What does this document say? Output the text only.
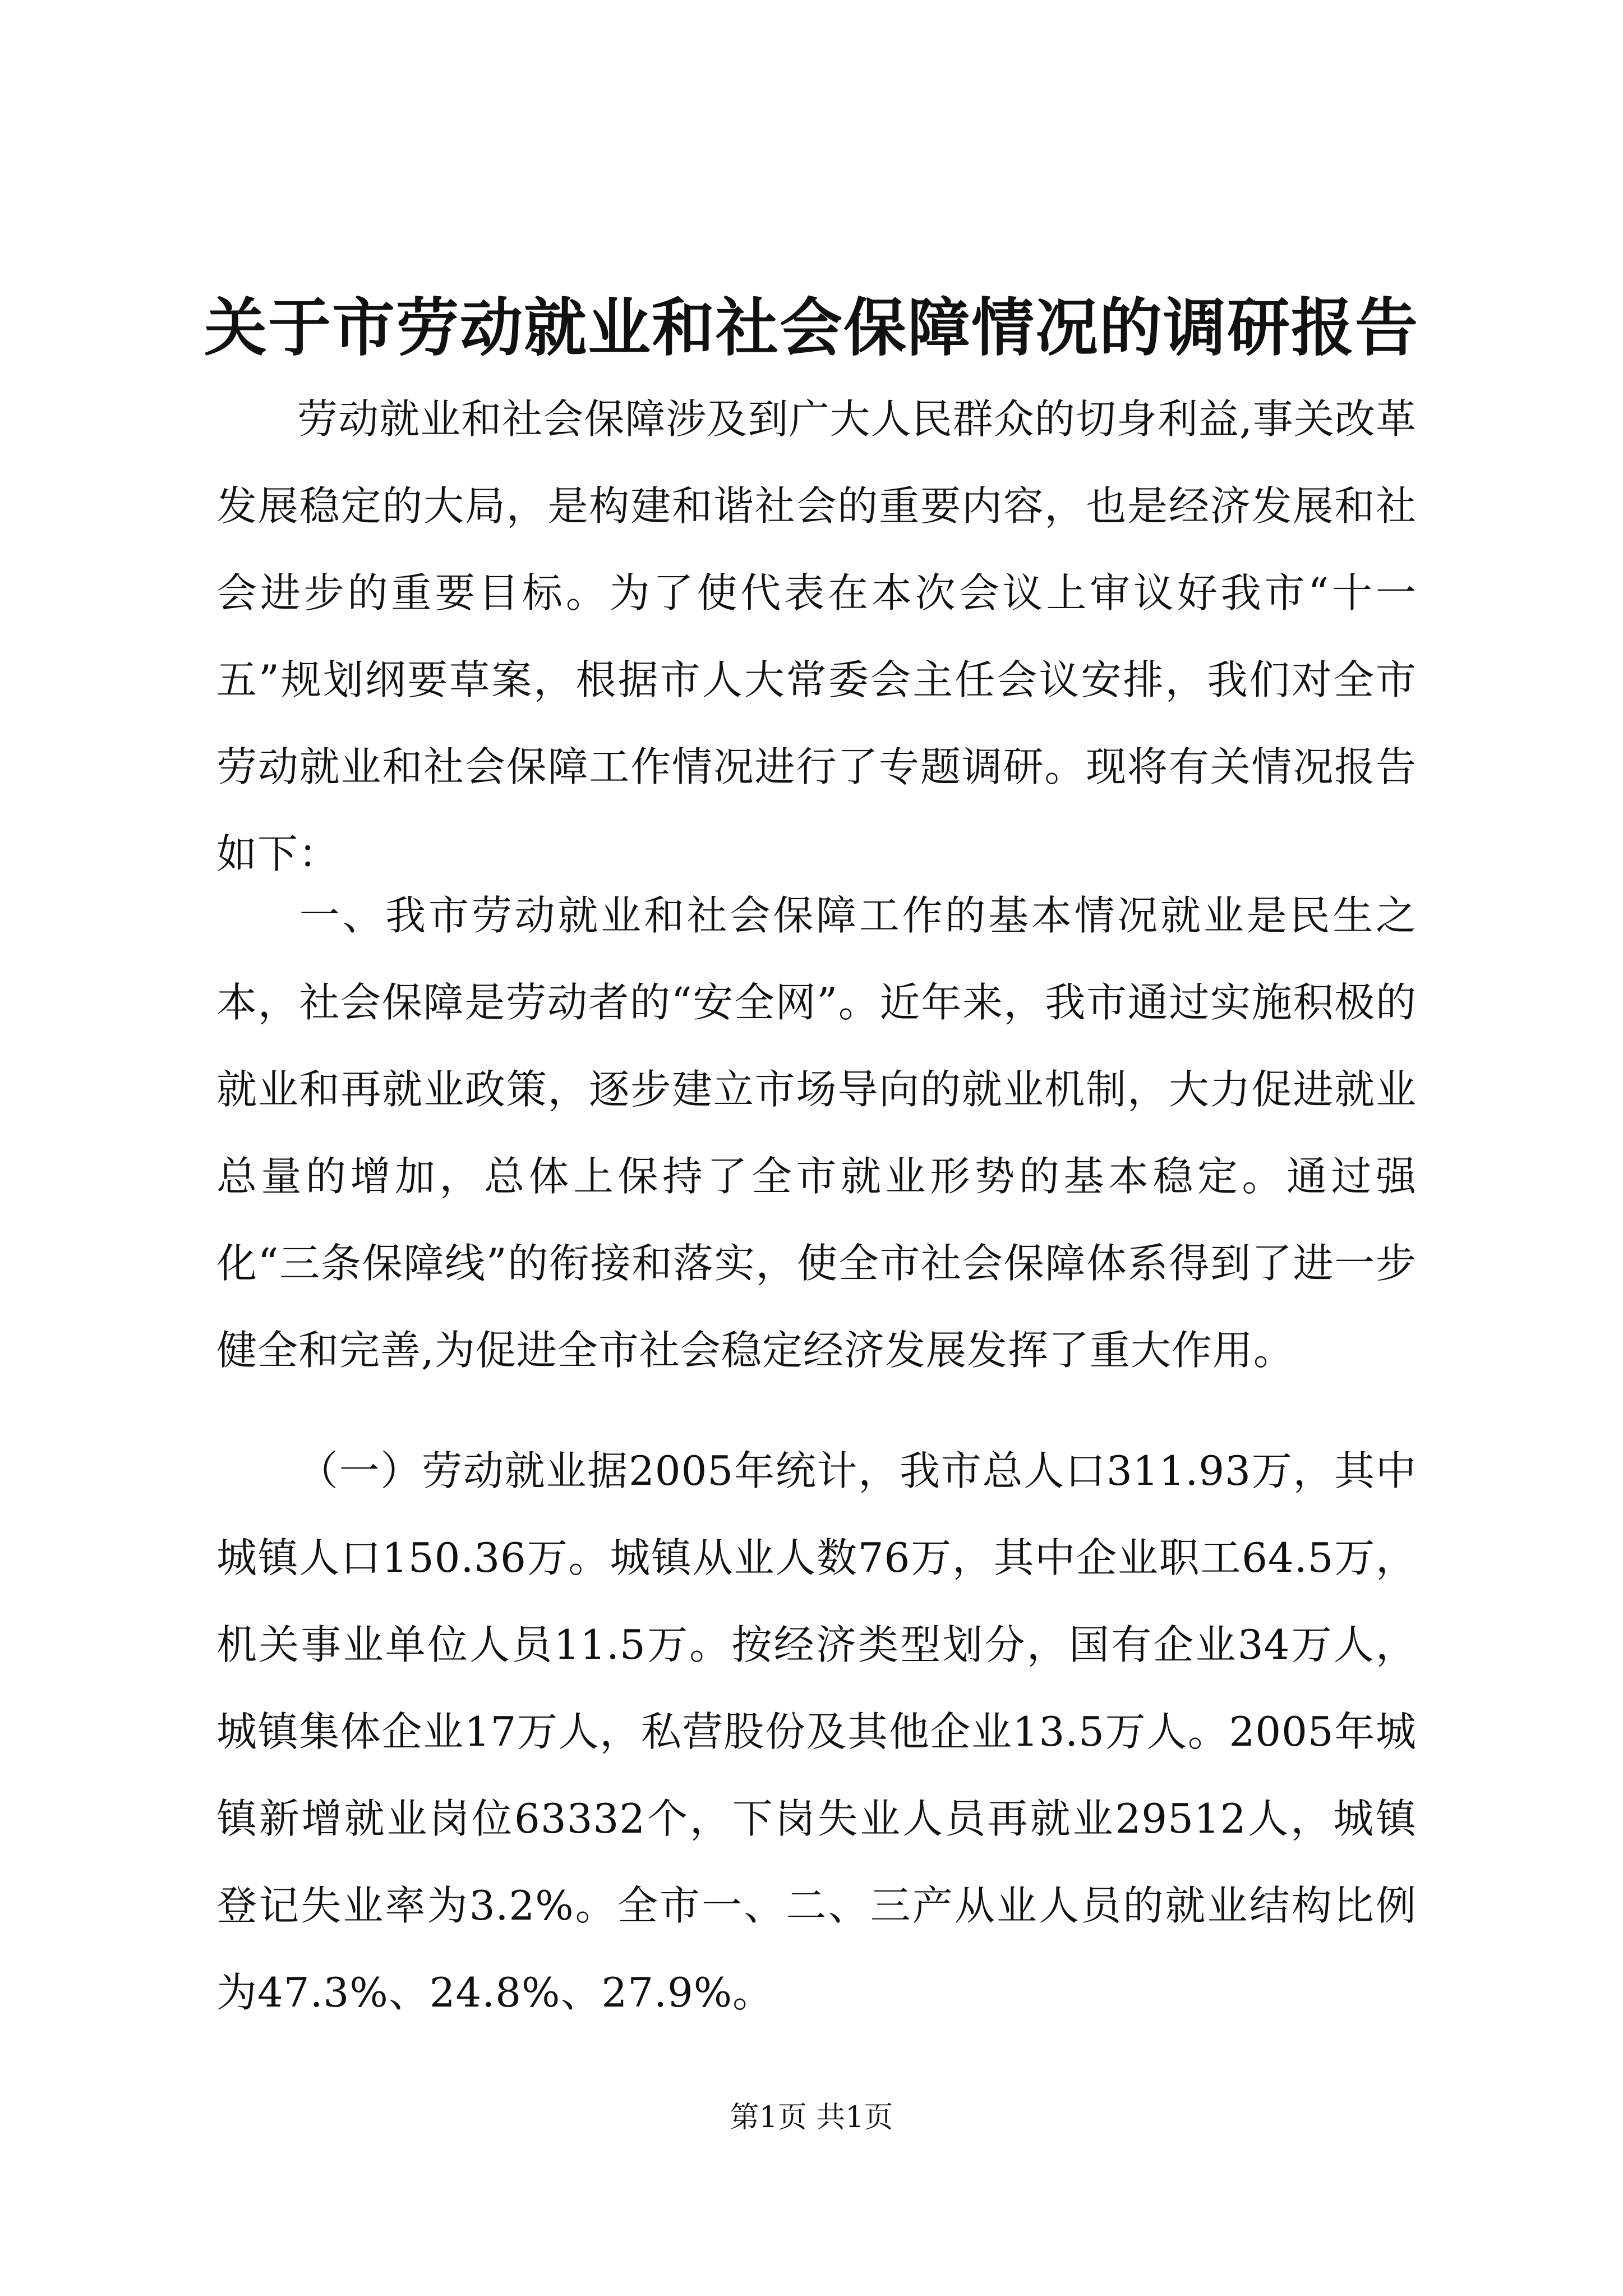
关于市劳动就业和社会保障情况的调研报告

劳动就业和社会保障涉及到广大人民群众的切身利益,事关改革发展稳定的大局，是构建和谐社会的重要内容，也是经济发展和社会进步的重要目标。为了使代表在本次会议上审议好我市“十一五”规划纲要草案，根据市人大常委会主任会议安排，我们对全市劳动就业和社会保障工作情况进行了专题调研。现将有关情况报告如下：

一、我市劳动就业和社会保障工作的基本情况就业是民生之本，社会保障是劳动者的“安全网”。近年来，我市通过实施积极的就业和再就业政策，逐步建立市场导向的就业机制，大力促进就业总量的增加，总体上保持了全市就业形势的基本稳定。通过强化“三条保障线”的衔接和落实，使全市社会保障体系得到了进一步健全和完善,为促进全市社会稳定经济发展发挥了重大作用。

（一）劳动就业据2005年统计，我市总人口311.93万，其中城镇人口150.36万。城镇从业人数76万，其中企业职工64.5万，机关事业单位人员11.5万。按经济类型划分，国有企业34万人，城镇集体企业17万人，私营股份及其他企业13.5万人。2005年城镇新增就业岗位63332个，下岗失业人员再就业29512人，城镇登记失业率为3.2%。全市一、二、三产从业人员的就业结构比例为47.3%、24.8%、27.9%。

第1页 共1页
